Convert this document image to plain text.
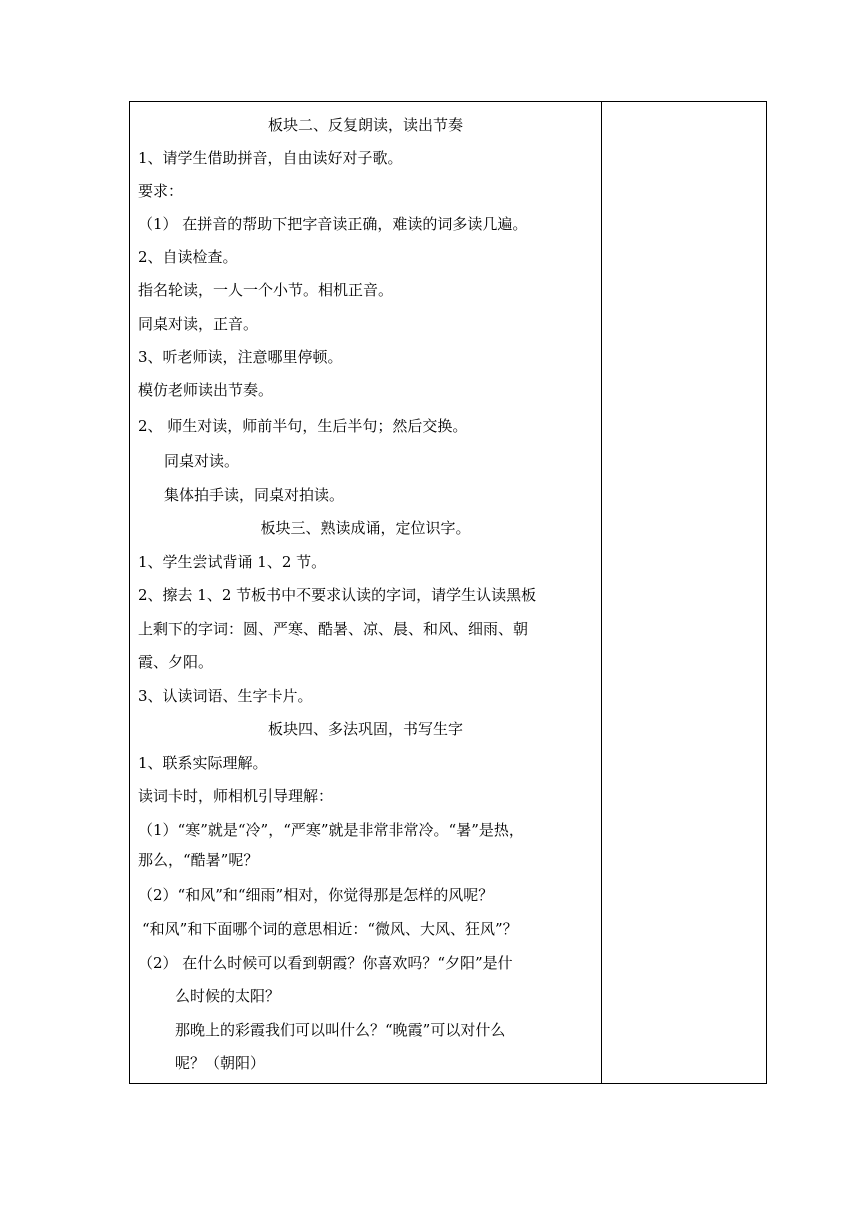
板块二、反复朗读，读出节奏
1、请学生借助拼音，自由读好对子歌。
要求：
（1） 在拼音的帮助下把字音读正确，难读的词多读几遍。
2、自读检查。
指名轮读，一人一个小节。相机正音。
同桌对读，正音。
3、听老师读，注意哪里停顿。
模仿老师读出节奏。
2、 师生对读，师前半句，生后半句；然后交换。
同桌对读。
集体拍手读，同桌对拍读。
板块三、熟读成诵，定位识字。
1、学生尝试背诵 1、2 节。
2、擦去 1、2 节板书中不要求认读的字词，请学生认读黑板
上剩下的字词：圆、严寒、酷暑、凉、晨、和风、细雨、朝
霞、夕阳。
3、认读词语、生字卡片。
板块四、多法巩固，书写生字
1、联系实际理解。
读词卡时，师相机引导理解：
（1）“寒”就是“冷”，“严寒”就是非常非常冷。“暑”是热，
那么，“酷暑”呢？
（2）“和风”和“细雨”相对，你觉得那是怎样的风呢？
“和风”和下面哪个词的意思相近：“微风、大风、狂风”？
（2） 在什么时候可以看到朝霞？你喜欢吗？“夕阳”是什
么时候的太阳？
那晚上的彩霞我们可以叫什么？“晚霞”可以对什么
呢？（朝阳）
